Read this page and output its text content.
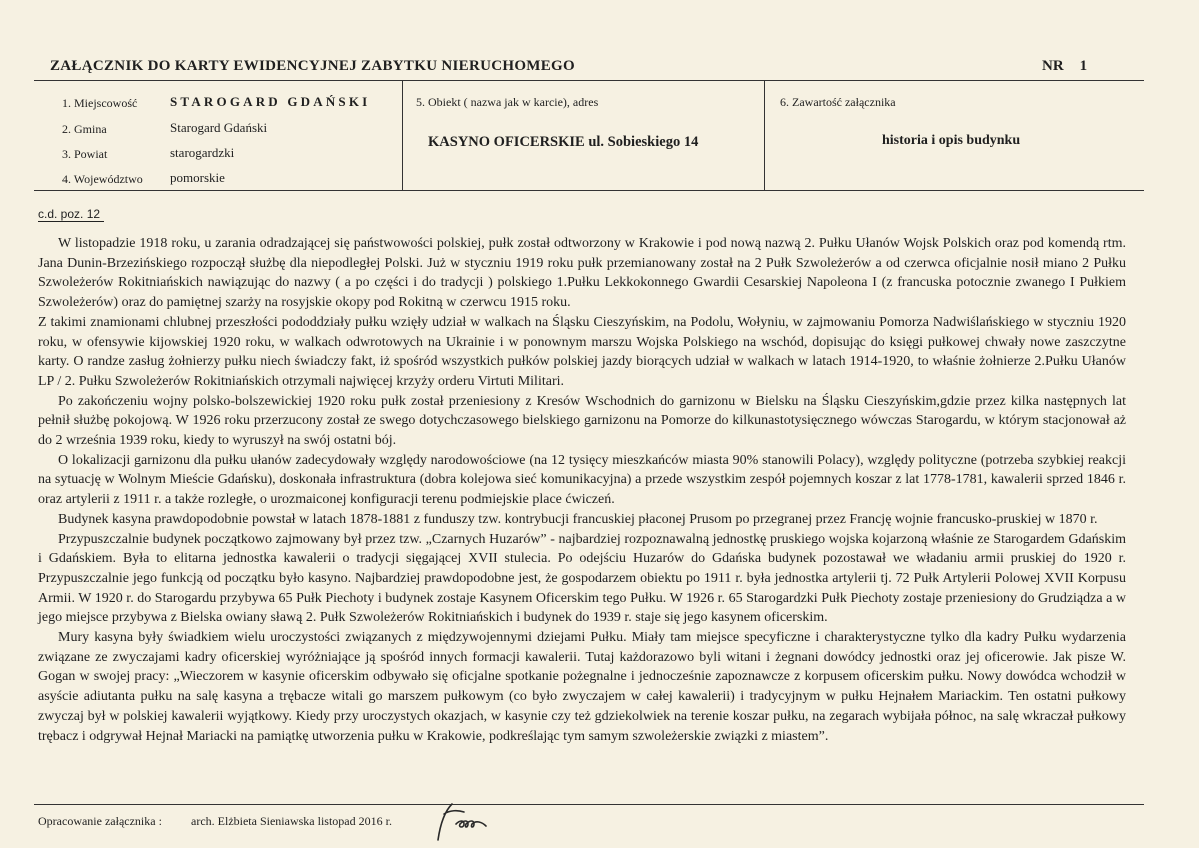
ZAŁĄCZNIK DO KARTY EWIDENCYJNEJ ZABYTKU NIERUCHOMEGO	NR 1
1. Miejscowość	STAROGARD GDAŃSKI
2. Gmina	Starogard Gdański
3. Powiat	starogardzki
4. Województwo pomorskie
5. Obiekt ( nazwa jak w karcie), adres
KASYNO OFICERSKIE ul. Sobieskiego 14
6. Zawartość załącznika
historia i opis budynku
c.d. poz. 12

W listopadzie 1918 roku, u zarania odradzającej się państwowości polskiej, pułk został odtworzony w Krakowie i pod nową nazwą 2. Pułku Ułanów Wojsk Polskich oraz pod komendą rtm. Jana Dunin-Brzezińskiego rozpoczął służbę dla niepodległej Polski. Już w styczniu 1919 roku pułk przemianowany został na 2 Pułk Szwoleżerów a od czerwca oficjalnie nosił miano 2 Pułku Szwoleżerów Rokitniańskich nawiązując do nazwy ( a po części i do tradycji ) polskiego 1.Pułku Lekkokonnego Gwardii Cesarskiej Napoleona I (z francuska potocznie zwanego I Pułkiem Szwoleżerów) oraz do pamiętnej szarży na rosyjskie okopy pod Rokitną w czerwcu 1915 roku.

Z takimi znamionami chlubnej przeszłości pododdziały pułku wzięły udział w walkach na Śląsku Cieszyńskim, na Podolu, Wołyniu, w zajmowaniu Pomorza Nadwiślańskiego w styczniu 1920 roku, w ofensywie kijowskiej 1920 roku, w walkach odwrotowych na Ukrainie i w ponownym marszu Wojska Polskiego na wschód, dopisując do księgi pułkowej chwały nowe zaszczytne karty. O randze zasług żołnierzy pułku niech świadczy fakt, iż spośród wszystkich pułków polskiej jazdy biorących udział w walkach w latach 1914-1920, to właśnie żołnierze 2.Pułku Ułanów LP / 2. Pułku Szwoleżerów Rokitniańskich otrzymali najwięcej krzyży orderu Virtuti Militari.

Po zakończeniu wojny polsko-bolszewickiej 1920 roku pułk został przeniesiony z Kresów Wschodnich do garnizonu w Bielsku na Śląsku Cieszyńskim,gdzie przez kilka następnych lat pełnił służbę pokojową. W 1926 roku przerzucony został ze swego dotychczasowego bielskiego garnizonu na Pomorze do kilkunastotysięcznego wówczas Starogardu, w którym stacjonował aż do 2 września 1939 roku, kiedy to wyruszył na swój ostatni bój.

O lokalizacji garnizonu dla pułku ułanów zadecydowały względy narodowościowe (na 12 tysięcy mieszkańców miasta 90% stanowili Polacy), względy polityczne (potrzeba szybkiej reakcji na sytuację w Wolnym Mieście Gdańsku), doskonała infrastruktura (dobra kolejowa sieć komunikacyjna) a przede wszystkim zespół pojemnych koszar z lat 1778-1781, kawalerii sprzed 1846 r. oraz artylerii z 1911 r. a także rozległe, o urozmaiconej konfiguracji terenu podmiejskie place ćwiczeń.

Budynek kasyna prawdopodobnie powstał w latach 1878-1881 z funduszy tzw. kontrybucji francuskiej płaconej Prusom po przegranej przez Francję wojnie francusko-pruskiej w 1870 r.

Przypuszczalnie budynek początkowo zajmowany był przez tzw. „Czarnych Huzarów” - najbardziej rozpoznawalną jednostkę pruskiego wojska kojarzoną właśnie ze Starogardem Gdańskim i Gdańskiem. Była to elitarna jednostka kawalerii o tradycji sięgającej XVII stulecia. Po odejściu Huzarów do Gdańska budynek pozostawał we władaniu armii pruskiej do 1920 r. Przypuszczalnie jego funkcją od początku było kasyno. Najbardziej prawdopodobne jest, że gospodarzem obiektu po 1911 r. była jednostka artylerii tj. 72 Pułk Artylerii Polowej XVII Korpusu Armii. W 1920 r. do Starogardu przybywa 65 Pułk Piechoty i budynek zostaje Kasynem Oficerskim tego Pułku. W 1926 r. 65 Starogardzki Pułk Piechoty zostaje przeniesiony do Grudziądza a w jego miejsce przybywa z Bielska owiany sławą 2. Pułk Szwoleżerów Rokitniańskich i budynek do 1939 r. staje się jego kasynem oficerskim.

Mury kasyna były świadkiem wielu uroczystości związanych z międzywojennymi dziejami Pułku. Miały tam miejsce specyficzne i charakterystyczne tylko dla kadry Pułku wydarzenia związane ze zwyczajami kadry oficerskiej wyróżniające ją spośród innych formacji kawalerii. Tutaj każdorazowo byli witani i żegnani dowódcy jednostki oraz jej oficerowie. Jak pisze W. Gogan w swojej pracy: „Wieczorem w kasynie oficerskim odbywało się oficjalne spotkanie pożegnalne i jednocześnie zapoznawcze z korpusem oficerskim pułku. Nowy dowódca wchodził w asyście adiutanta pułku na salę kasyna a trębacze witali go marszem pułkowym (co było zwyczajem w całej kawalerii) i tradycyjnym w pułku Hejnałem Mariackim. Ten ostatni pułkowy zwyczaj był w polskiej kawalerii wyjątkowy. Kiedy przy uroczystych okazjach, w kasynie czy też gdziekolwiek na terenie koszar pułku, na zegarach wybijała północ, na salę wkraczał pułkowy trębacz i odgrywał Hejnał Mariacki na pamiątkę utworzenia pułku w Krakowie, podkreślając tym samym szwoleżerskie związki z miastem”.

Opracowanie załącznika : arch. Elżbieta Sieniawska listopad 2016 r.
